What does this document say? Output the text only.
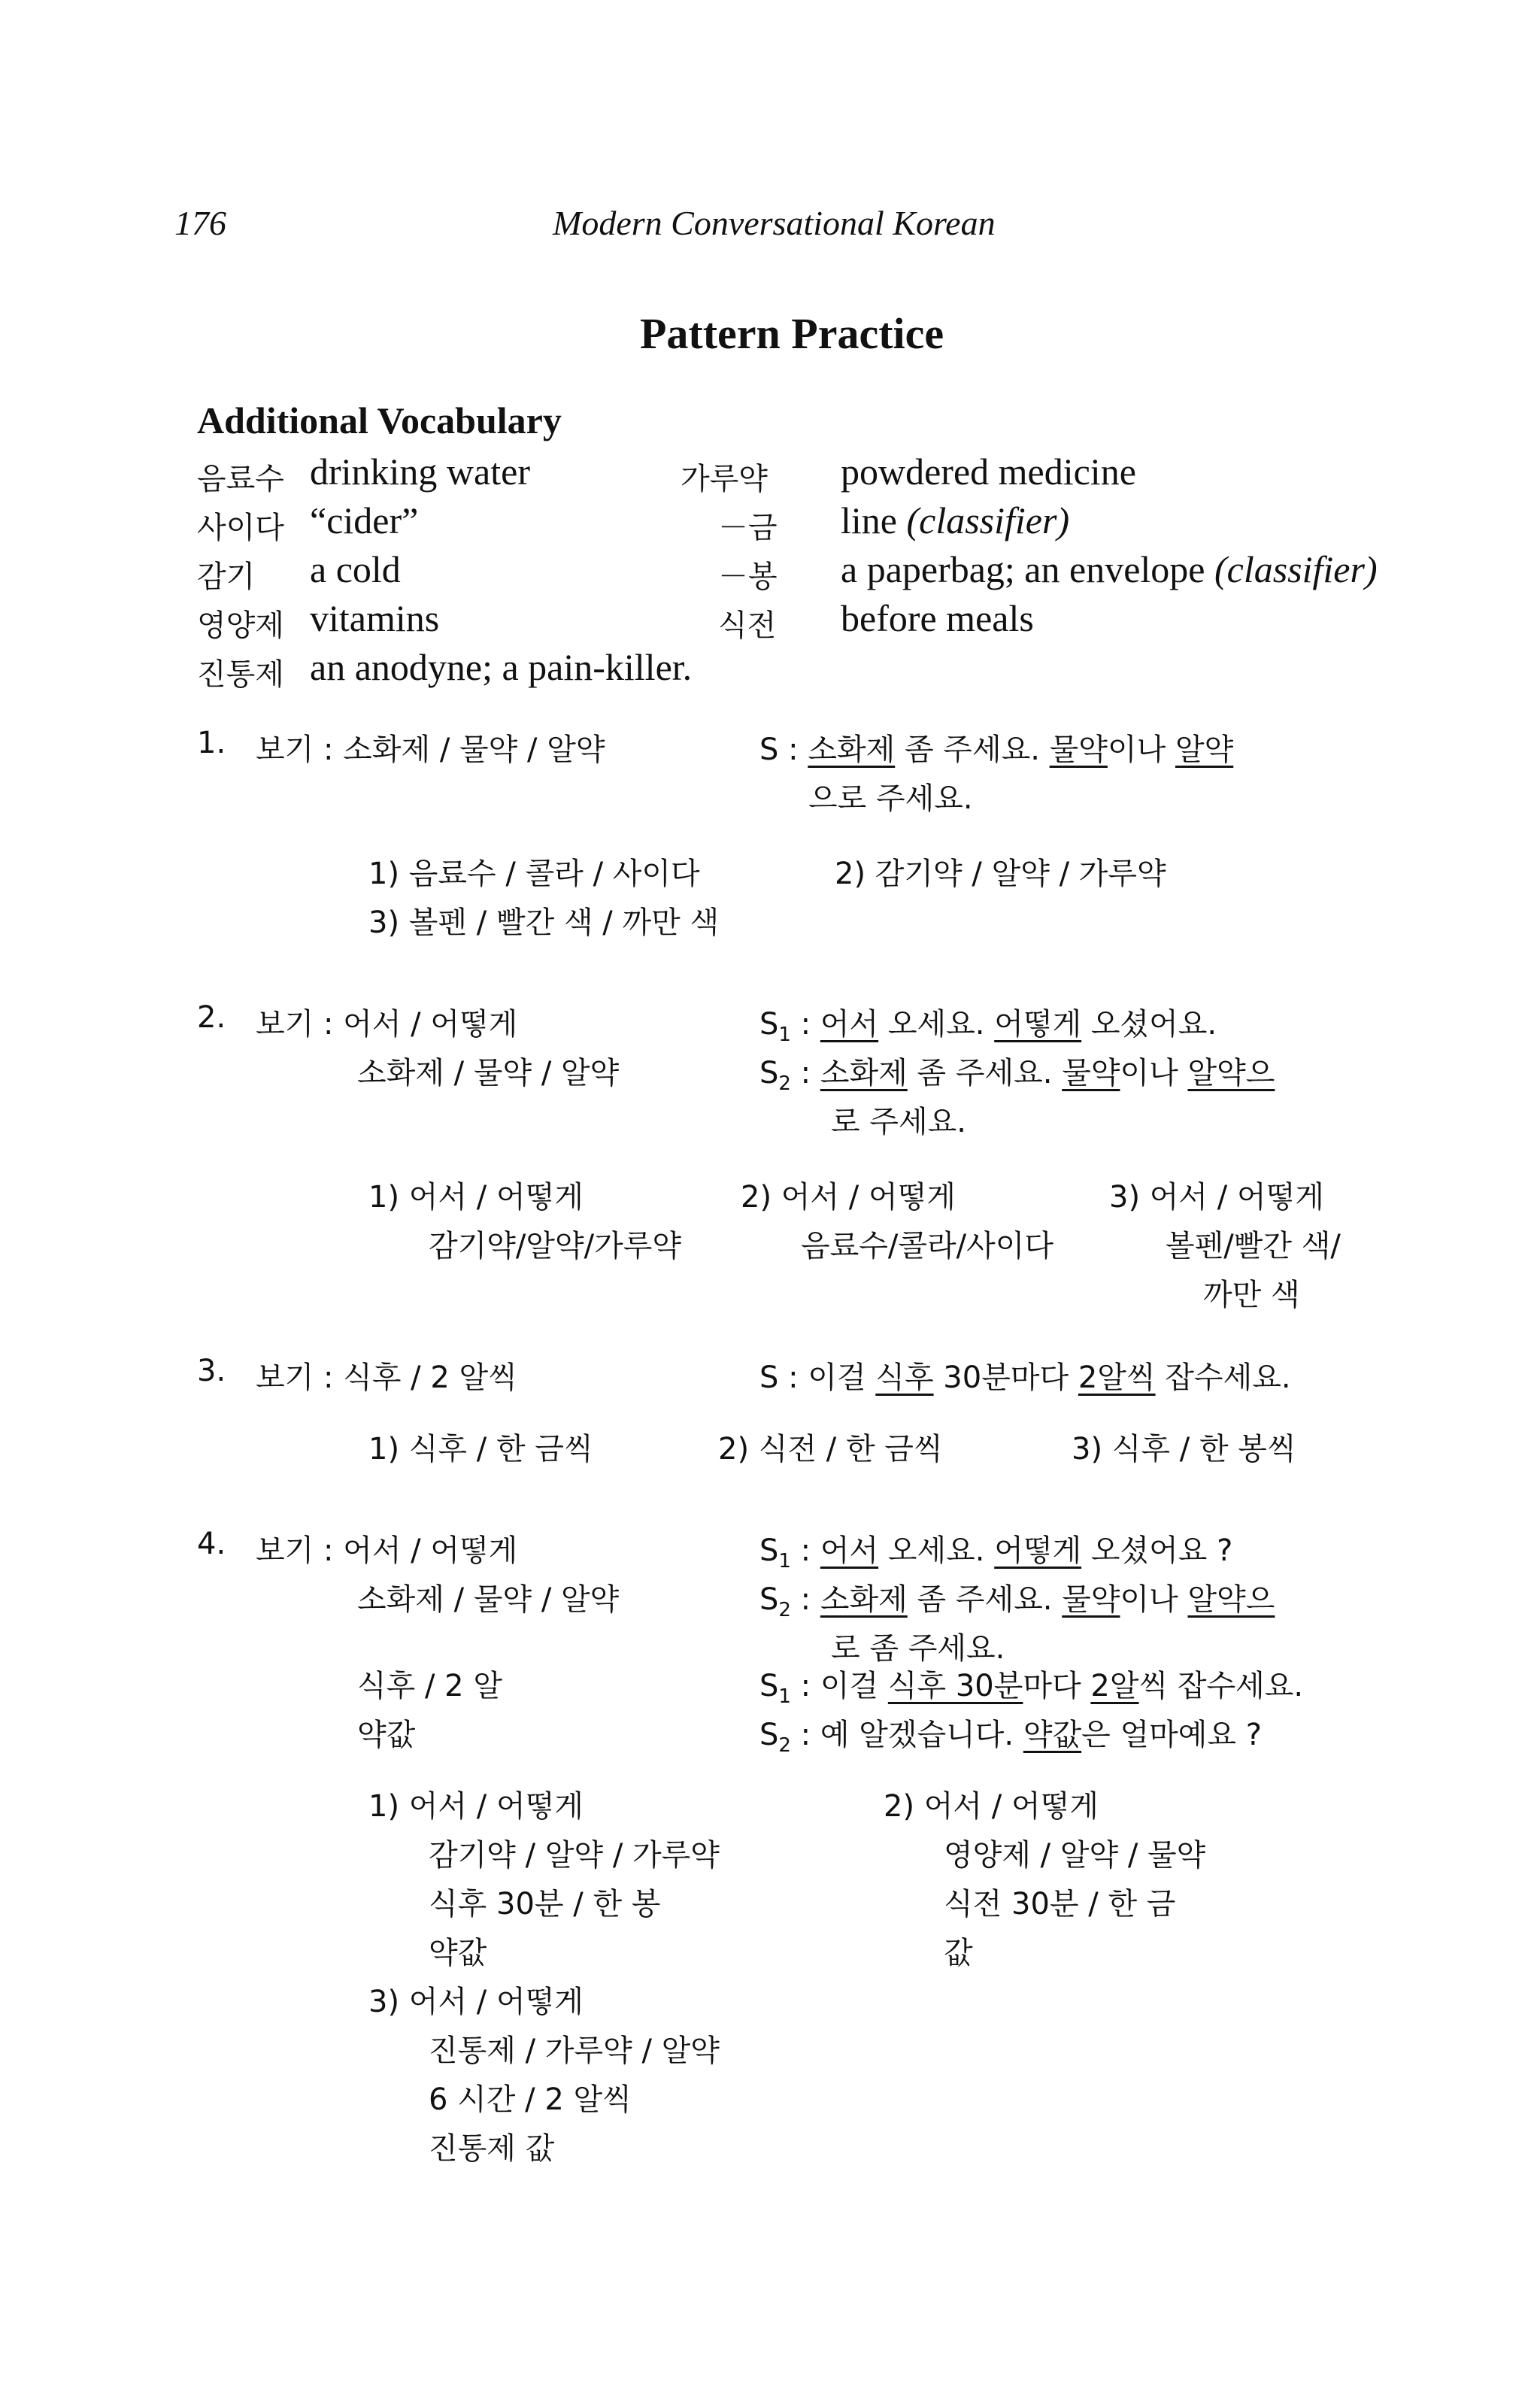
176	Modern Conversational Korean
Pattern Practice
Additional Vocabulary
음료수 drinking water
사이다 “cider”
감기 a cold
영양제 vitamins
진통제 an anodyne; a pain-killer.
가루약 powdered medicine
－금 line (classifier)
－봉 a paperbag; an envelope (classifier)
식전 before meals
1. 보기 : 소화제 / 물약 / 알약	S : 소화제 좀 주세요. 물약이나 알약
으로 주세요.
1) 음료수 / 콜라 / 사이다	2) 감기약 / 알약 / 가루약
3) 볼펜 / 빨간 색 / 까만 색
2. 보기 : 어서 / 어떻게
소화제 / 물약 / 알약
$S_1$ : 어서 오세요. 어떻게 오셨어요.
$S_2$ : 소화제 좀 주세요. 물약이나 알약으
로 주세요.
1) 어서 / 어떻게
감기약/알약/가루약
2) 어서 / 어떻게
음료수/콜라/사이다
3) 어서 / 어떻게
볼펜/빨간 색/
까만 색
3. 보기 : 식후 / 2 알씩	S : 이걸 식후 30분마다 2알씩 잡수세요.
1) 식후 / 한 금씩	2) 식전 / 한 금씩	3) 식후 / 한 봉씩
4. 보기 : 어서 / 어떻게
소화제 / 물약 / 알약
식후 / 2 알
약값
$S_1$ : 어서 오세요. 어떻게 오셨어요 ?
$S_2$ : 소화제 좀 주세요. 물약이나 알약으
로 좀 주세요.
$S_1$ : 이걸 식후 30분마다 2알씩 잡수세요.
$S_2$ : 예 알겠습니다. 약값은 얼마예요 ?
1) 어서 / 어떻게
감기약 / 알약 / 가루약
식후 30분 / 한 봉
약값
2) 어서 / 어떻게
영양제 / 알약 / 물약
식전 30분 / 한 금
값
3) 어서 / 어떻게
진통제 / 가루약 / 알약
6 시간 / 2 알씩
진통제 값
